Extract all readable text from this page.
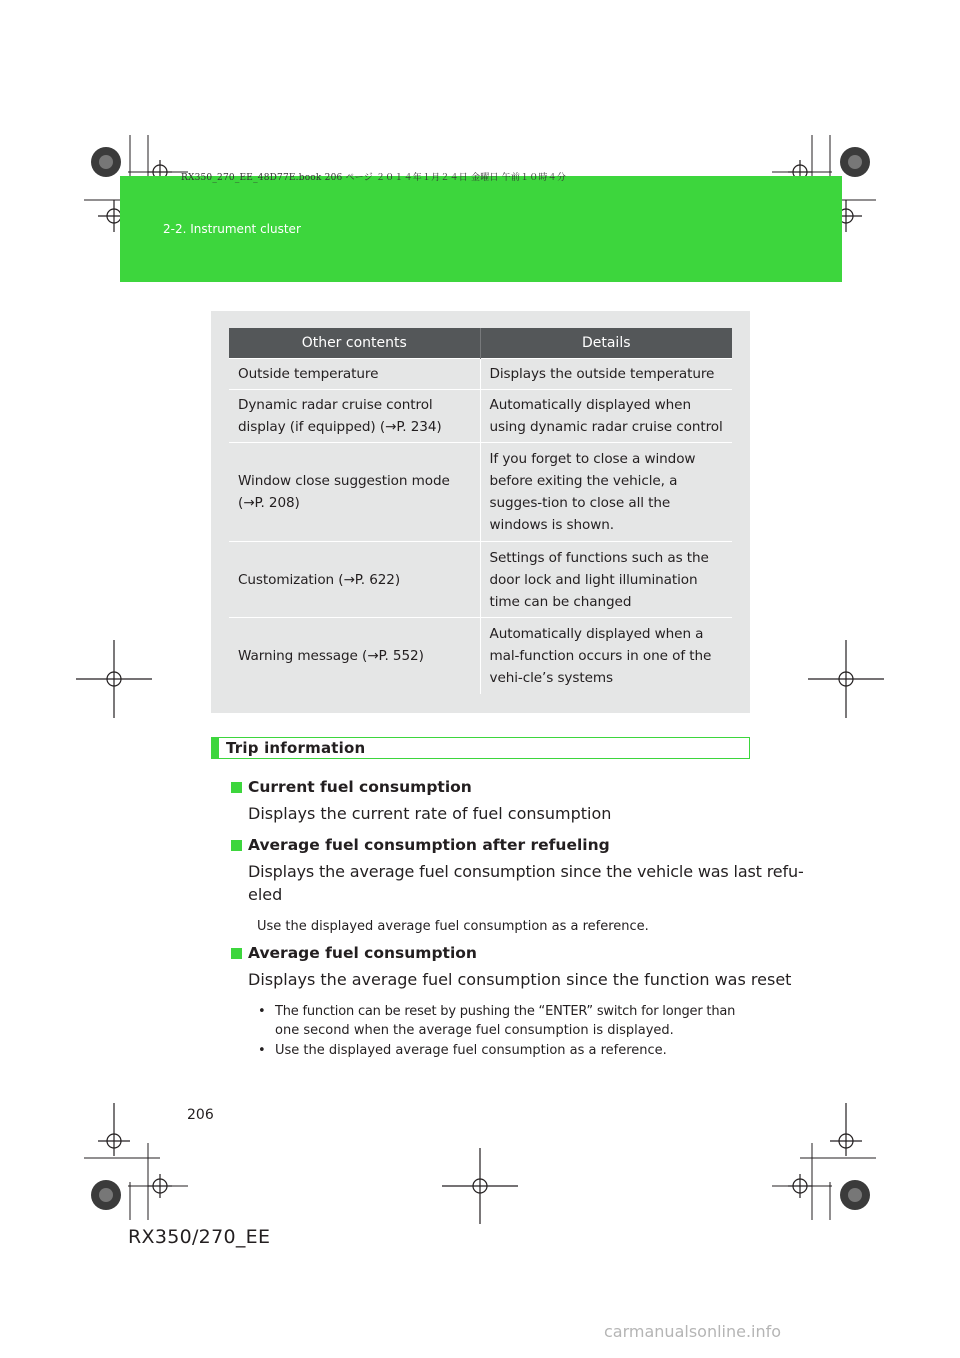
RX350_270_EE_48D77E.book 206 ページ ２０１４年１月２４日 金曜日 午前１０時４分
2-2. Instrument cluster
Other contents	Details
Outside temperature	Displays the outside temperature
Dynamic radar cruise control display (if equipped) (→P. 234)	Automatically displayed when using dynamic radar cruise control
Window close suggestion mode (→P. 208)	If you forget to close a window before exiting the vehicle, a sugges-tion to close all the windows is shown.
Customization (→P. 622)	Settings of functions such as the door lock and light illumination time can be changed
Warning message (→P. 552)	Automatically displayed when a mal-function occurs in one of the vehi-cle’s systems
Trip information
Current fuel consumption
Displays the current rate of fuel consumption
Average fuel consumption after refueling
Displays the average fuel consumption since the vehicle was last refu-
eled
Use the displayed average fuel consumption as a reference.
Average fuel consumption
Displays the average fuel consumption since the function was reset
• The function can be reset by pushing the “ENTER” switch for longer than
one second when the average fuel consumption is displayed.
• Use the displayed average fuel consumption as a reference.
206
RX350/270_EE
carmanualsonline.info
